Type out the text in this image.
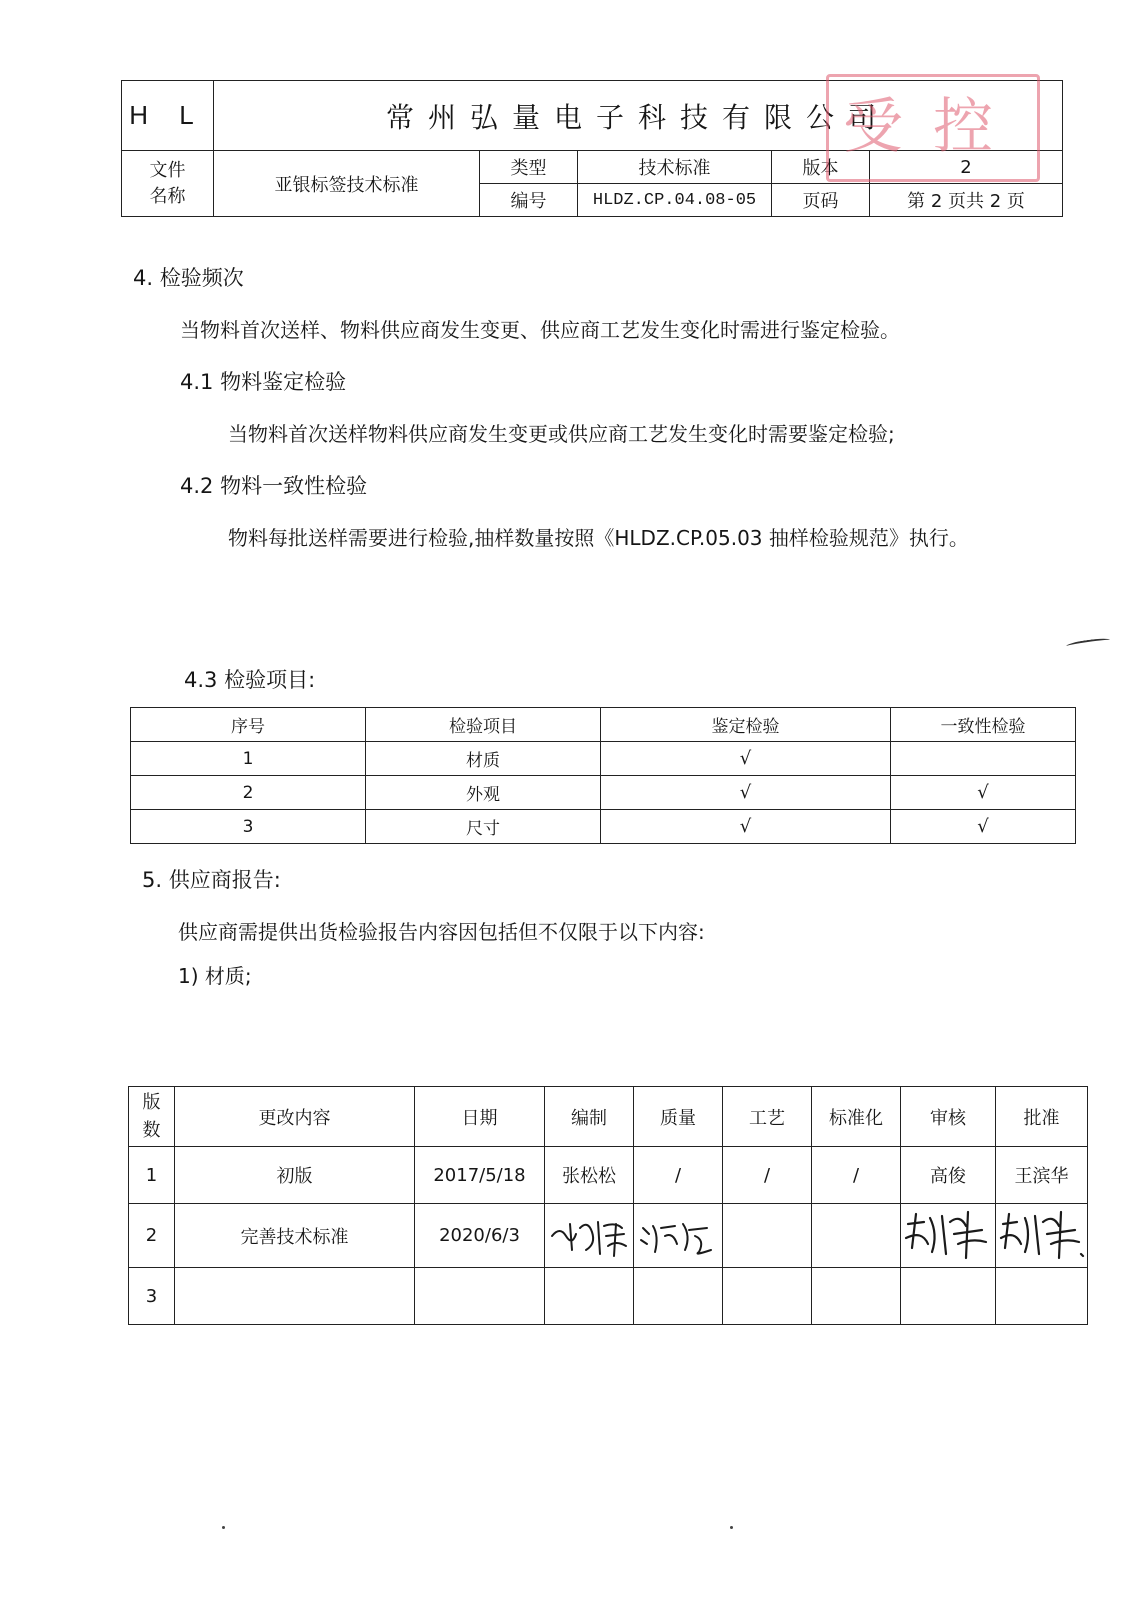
H L	常州弘量电子科技有限公司				
文件
名称	亚银标签技术标准	类型	技术标准	版本	2
		编号	HLDZ.CP.04.08-05	页码	第 2 页共 2 页
受控
4. 检验频次
当物料首次送样、物料供应商发生变更、供应商工艺发生变化时需进行鉴定检验。
4.1 物料鉴定检验
当物料首次送样物料供应商发生变更或供应商工艺发生变化时需要鉴定检验;
4.2 物料一致性检验
物料每批送样需要进行检验,抽样数量按照《HLDZ.CP.05.03 抽样检验规范》执行。
4.3 检验项目:
序号	检验项目	鉴定检验	一致性检验
1	材质	√	
2	外观	√	√
3	尺寸	√	√
5. 供应商报告:
供应商需提供出货检验报告内容因包括但不仅限于以下内容:
1) 材质;
版
数	更改内容	日期	编制	质量	工艺	标准化	审核	批准
1	初版	2017/5/18	张松松	/	/	/	高俊	王滨华
2	完善技术标准	2020/6/3						
3								
